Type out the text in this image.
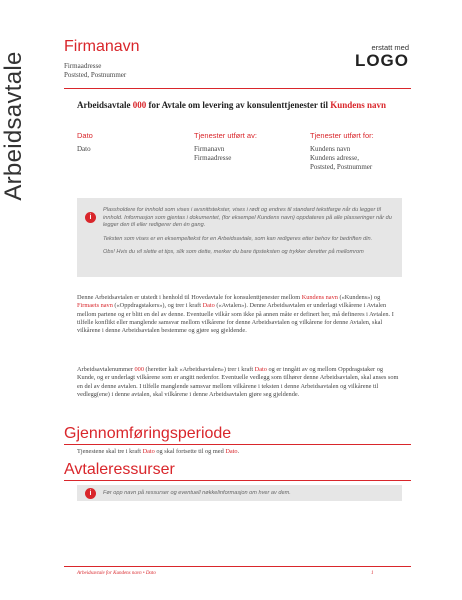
Arbeidsavtale
Firmanavn
Firmaadresse
Poststed, Postnummer
erstatt med
LOGO
Arbeidsavtale 000 for Avtale om levering av konsulenttjenester til Kundens navn
Dato
Dato
Tjenester utført av:
Firmanavn
Firmaadresse
Tjenester utført for:
Kundens navn
Kundens adresse,
Poststed, Postnummer
i

Plassholdere for innhold som vises i avsnittstekster, vises i rødt og endres til standard tekstfarge når du legger til innhold. Informasjon som gjentas i dokumentet, (for eksempel Kundens navn) oppdateres på alle plasseringer når du legger den til eller redigerer den én gang.

Teksten som vises er en eksempeltekst for en Arbeidsavtale, som kan redigeres etter behov for bedriften din.

Obs! Hvis du vil slette et tips, slik som dette, merker du bare tipsteksten og trykker deretter på mellomrom

Denne Arbeidsavtalen er utstedt i henhold til Hovedavtale for konsulenttjenester mellom Kundens navn («Kundens») og Firmaets navn («Oppdragstakers»), og trer i kraft Dato («Avtalen»). Denne Arbeidsavtalen er underlagt vilkårene i Avtalen mellom partene og er blitt en del av denne. Eventuelle vilkår som ikke på annen måte er definert her, må defineres i Avtalen. I tilfelle konflikt eller manglende samsvar mellom vilkårene for denne Arbeidsavtalen og vilkårene for denne Avtalen, skal vilkårene i denne Arbeidsavtalen bestemme og gjøre seg gjeldende.

Arbeidsavtalenummer 000 (heretter kalt «Arbeidsavtalen») trer i kraft Dato og er inngått av og mellom Oppdragstaker og Kunde, og er underlagt vilkårene som er angitt nedenfor. Eventuelle vedlegg som tilhører denne Arbeidsavtalen, skal anses som en del av denne avtalen. I tilfelle manglende samsvar mellom vilkårene i teksten i denne Arbeidsavtalen og vilkårene til vedlegg(ene) i denne avtalen, skal vilkårene i denne Arbeidsavtalen gjøre seg gjeldende.

Gjennomføringsperiode

Tjenestene skal tre i kraft Dato og skal fortsette til og med Dato.

Avtaleressurser
i	Før opp navn på ressurser og eventuell nøkkelinformasjon om hver av dem.
Arbeidsavtale for Kundens navn • Dato	1
